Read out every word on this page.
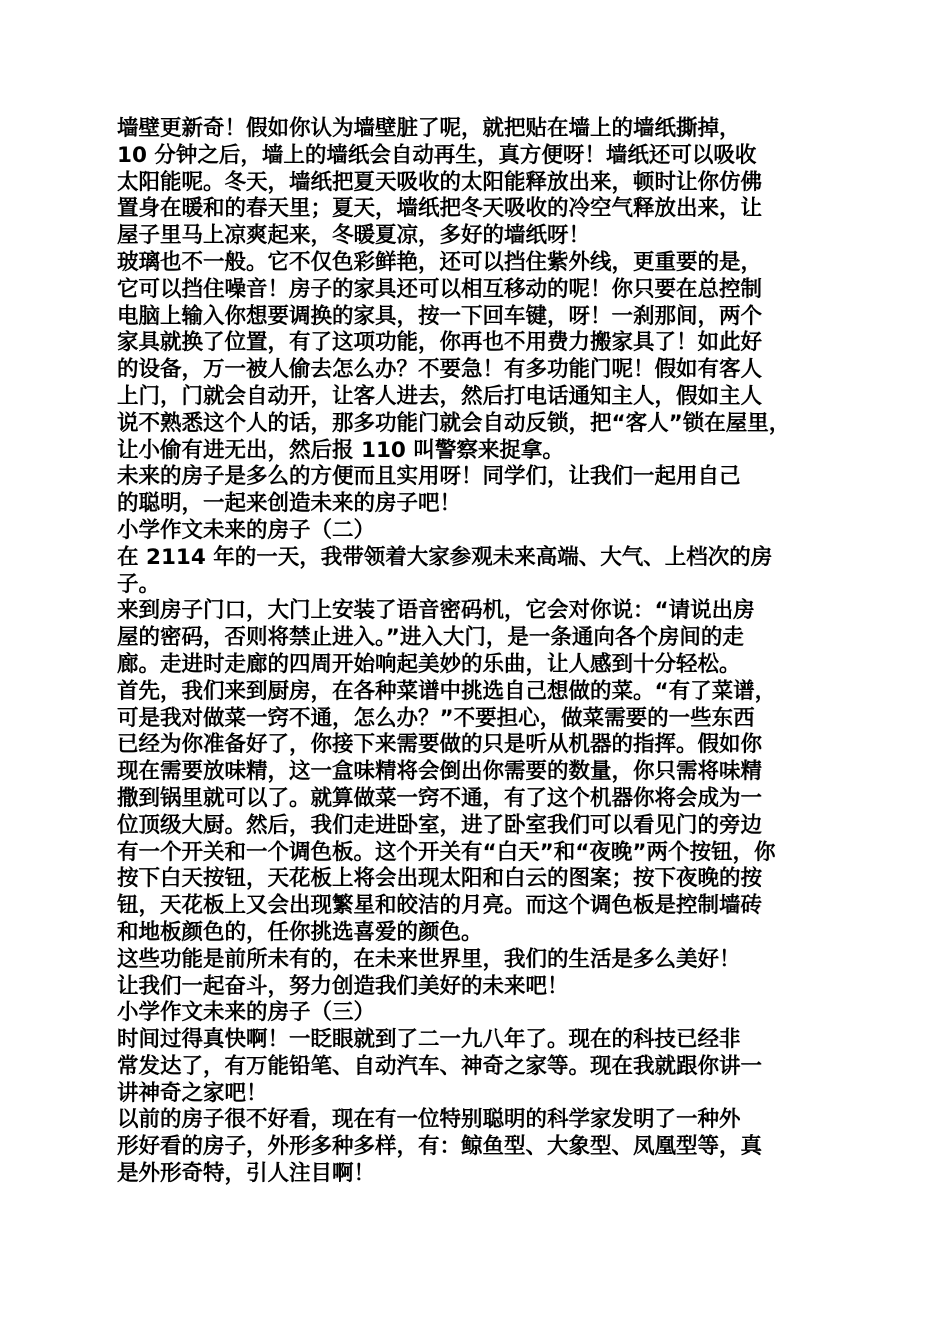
墙壁更新奇！假如你认为墙壁脏了呢，就把贴在墙上的墙纸撕掉，
10 分钟之后，墙上的墙纸会自动再生，真方便呀！墙纸还可以吸收
太阳能呢。冬天，墙纸把夏天吸收的太阳能释放出来，顿时让你仿佛
置身在暖和的春天里；夏天，墙纸把冬天吸收的冷空气释放出来，让
屋子里马上凉爽起来，冬暖夏凉，多好的墙纸呀！
玻璃也不一般。它不仅色彩鲜艳，还可以挡住紫外线，更重要的是，
它可以挡住噪音！房子的家具还可以相互移动的呢！你只要在总控制
电脑上输入你想要调换的家具，按一下回车键，呀！一刹那间，两个
家具就换了位置，有了这项功能，你再也不用费力搬家具了！如此好
的设备，万一被人偷去怎么办？不要急！有多功能门呢！假如有客人
上门，门就会自动开，让客人进去，然后打电话通知主人，假如主人
说不熟悉这个人的话，那多功能门就会自动反锁，把“客人”锁在屋里，
让小偷有进无出，然后报 110 叫警察来捉拿。
未来的房子是多么的方便而且实用呀！同学们，让我们一起用自己
的聪明，一起来创造未来的房子吧！
小学作文未来的房子（二）
在 2114 年的一天，我带领着大家参观未来高端、大气、上档次的房
子。
来到房子门口，大门上安装了语音密码机，它会对你说：“请说出房
屋的密码，否则将禁止进入。”进入大门，是一条通向各个房间的走
廊。走进时走廊的四周开始响起美妙的乐曲，让人感到十分轻松。
首先，我们来到厨房，在各种菜谱中挑选自己想做的菜。“有了菜谱，
可是我对做菜一窍不通，怎么办？”不要担心，做菜需要的一些东西
已经为你准备好了，你接下来需要做的只是听从机器的指挥。假如你
现在需要放味精，这一盒味精将会倒出你需要的数量，你只需将味精
撒到锅里就可以了。就算做菜一窍不通，有了这个机器你将会成为一
位顶级大厨。然后，我们走进卧室，进了卧室我们可以看见门的旁边
有一个开关和一个调色板。这个开关有“白天”和“夜晚”两个按钮，你
按下白天按钮，天花板上将会出现太阳和白云的图案；按下夜晚的按
钮，天花板上又会出现繁星和皎洁的月亮。而这个调色板是控制墙砖
和地板颜色的，任你挑选喜爱的颜色。
这些功能是前所未有的，在未来世界里，我们的生活是多么美好！
让我们一起奋斗，努力创造我们美好的未来吧！
小学作文未来的房子（三）
时间过得真快啊！一眨眼就到了二一九八年了。现在的科技已经非
常发达了，有万能铅笔、自动汽车、神奇之家等。现在我就跟你讲一
讲神奇之家吧！
以前的房子很不好看，现在有一位特别聪明的科学家发明了一种外
形好看的房子，外形多种多样，有：鲸鱼型、大象型、凤凰型等，真
是外形奇特，引人注目啊！
